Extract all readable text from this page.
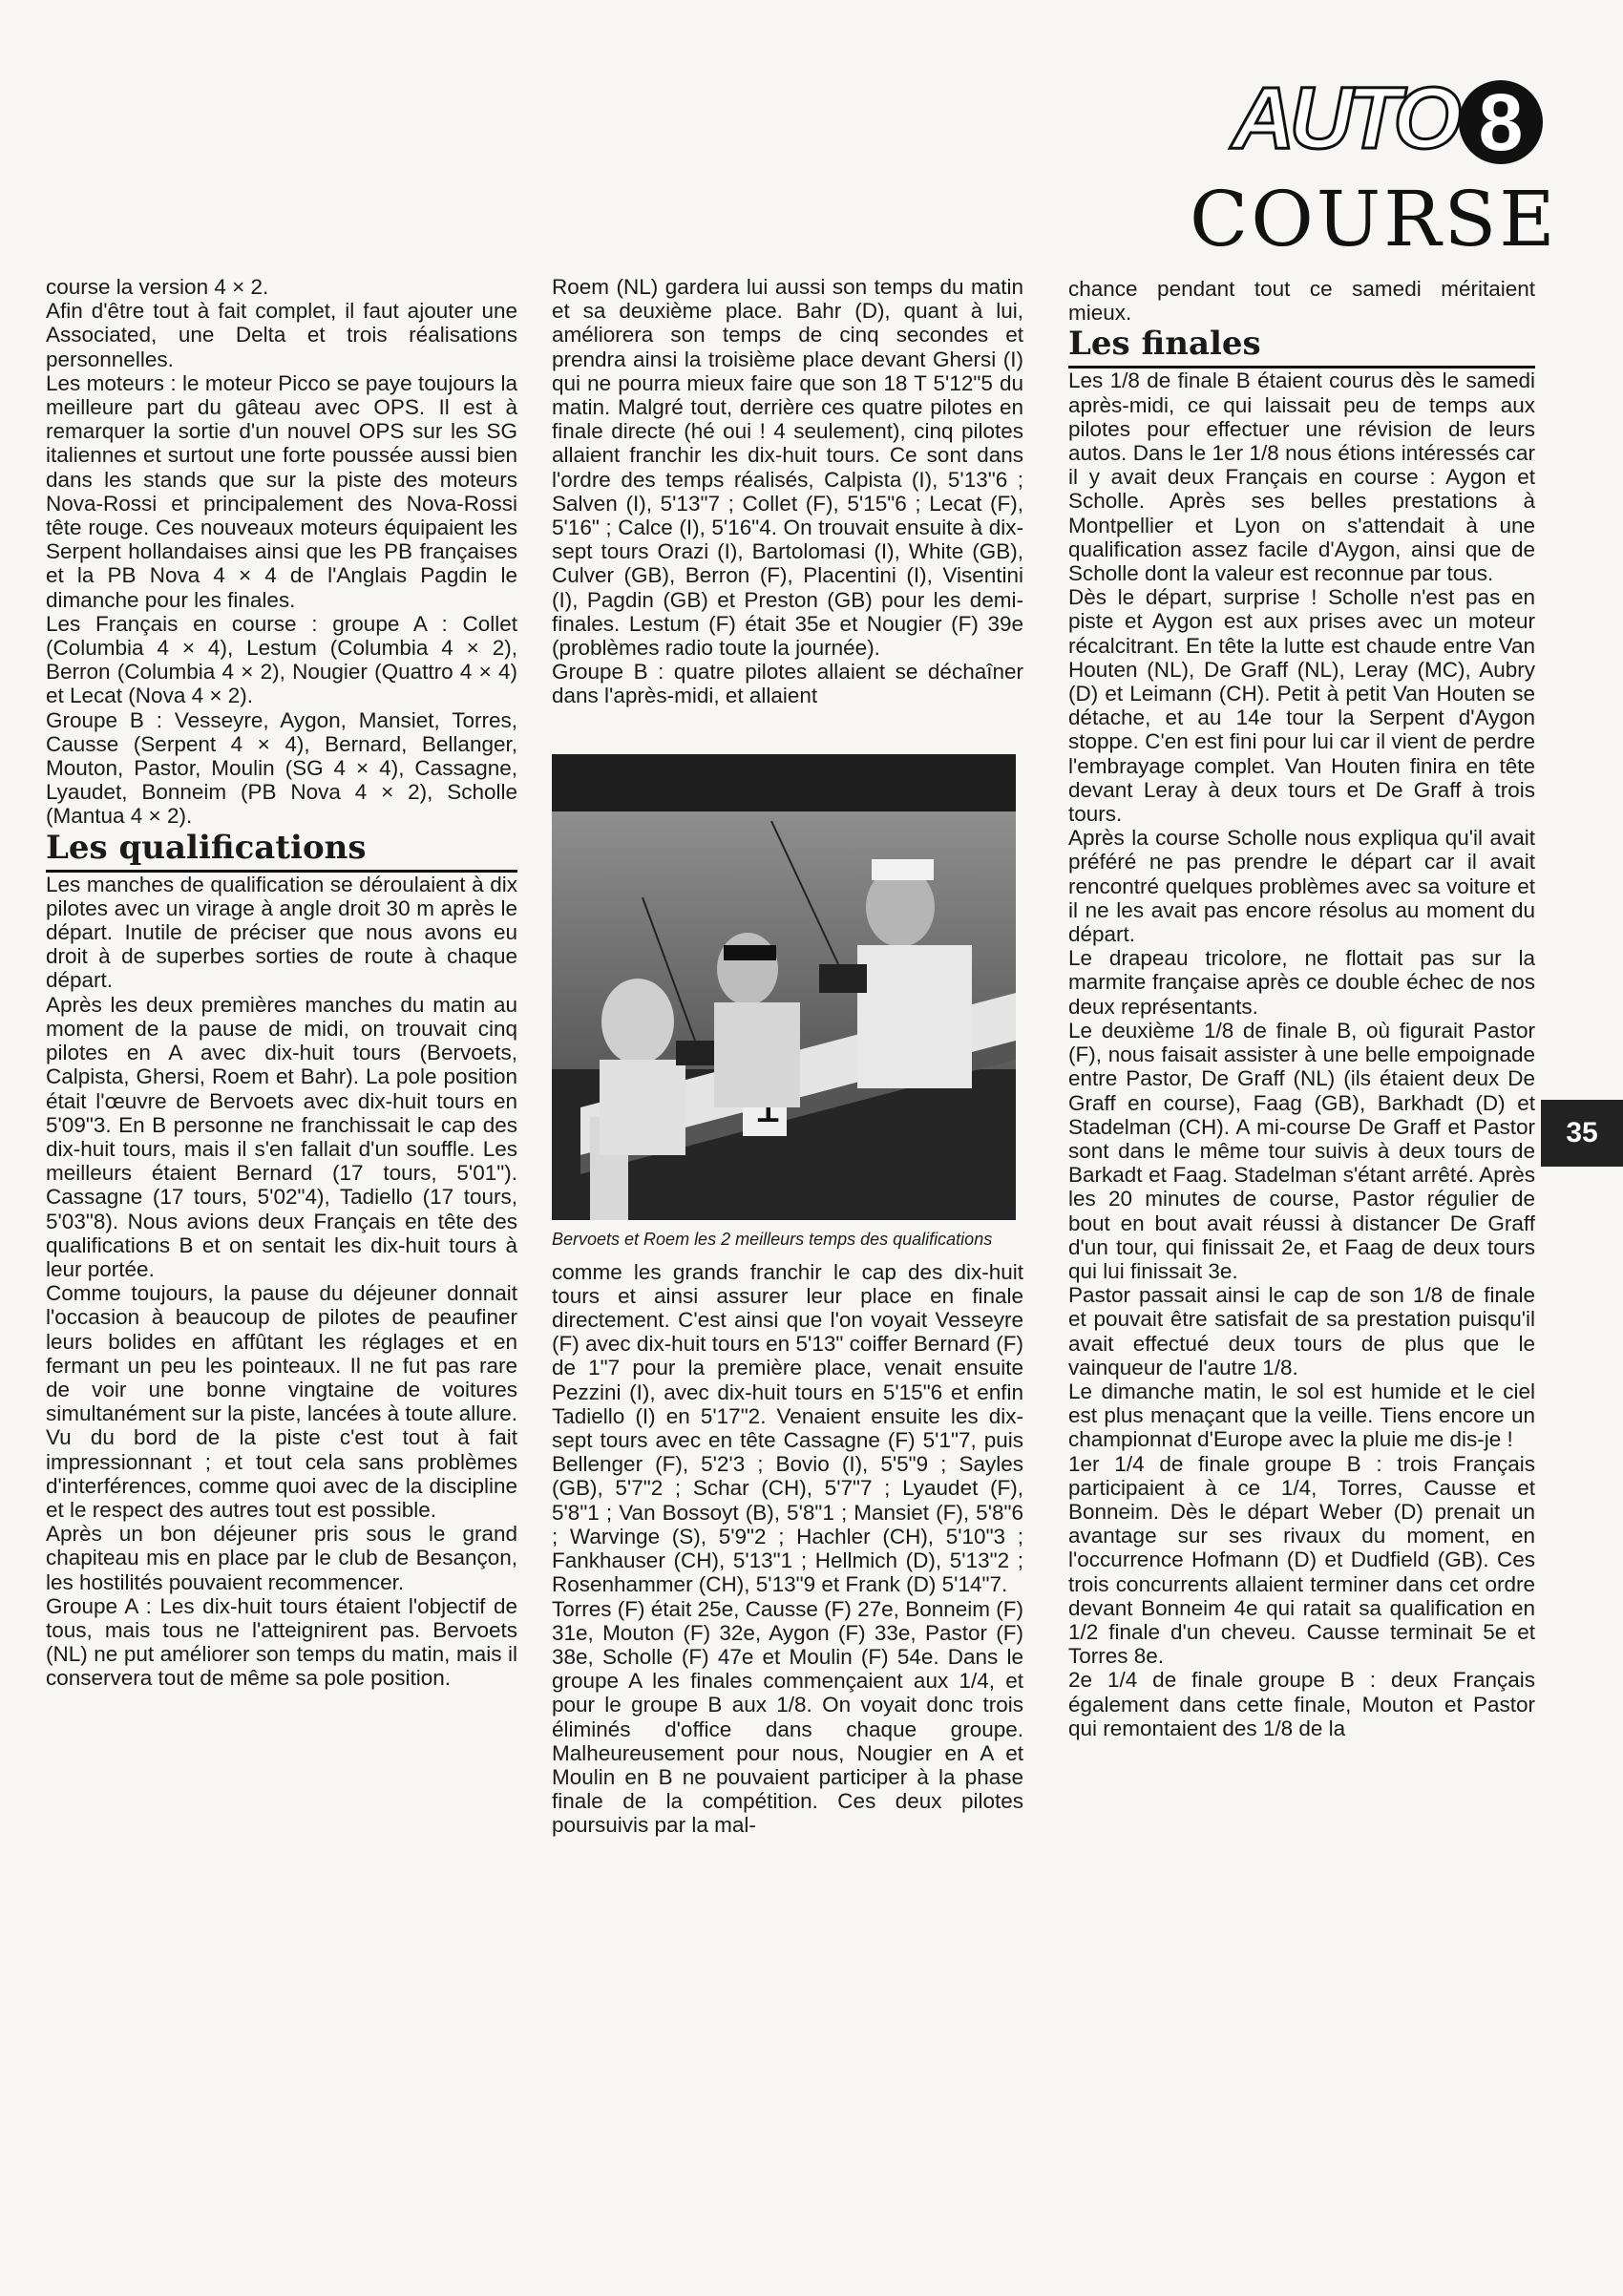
AUTO 8
COURSE

course la version 4 × 2.

Afin d'être tout à fait complet, il faut ajouter une Associated, une Delta et trois réalisations personnelles.

Les moteurs : le moteur Picco se paye toujours la meilleure part du gâteau avec OPS. Il est à remarquer la sortie d'un nouvel OPS sur les SG italiennes et surtout une forte poussée aussi bien dans les stands que sur la piste des moteurs Nova-Rossi et principalement des Nova-Rossi tête rouge. Ces nouveaux moteurs équipaient les Serpent hollandaises ainsi que les PB françaises et la PB Nova 4 × 4 de l'Anglais Pagdin le dimanche pour les finales.

Les Français en course : groupe A : Collet (Columbia 4 × 4), Lestum (Columbia 4 × 2), Berron (Columbia 4 × 2), Nougier (Quattro 4 × 4) et Lecat (Nova 4 × 2).

Groupe B : Vesseyre, Aygon, Mansiet, Torres, Causse (Serpent 4 × 4), Bernard, Bellanger, Mouton, Pastor, Moulin (SG 4 × 4), Cassagne, Lyaudet, Bonneim (PB Nova 4 × 2), Scholle (Mantua 4 × 2).

Les qualifications

Les manches de qualification se déroulaient à dix pilotes avec un virage à angle droit 30 m après le départ. Inutile de préciser que nous avons eu droit à de superbes sorties de route à chaque départ.

Après les deux premières manches du matin au moment de la pause de midi, on trouvait cinq pilotes en A avec dix-huit tours (Bervoets, Calpista, Ghersi, Roem et Bahr). La pole position était l'œuvre de Bervoets avec dix-huit tours en 5'09"3. En B personne ne franchissait le cap des dix-huit tours, mais il s'en fallait d'un souffle. Les meilleurs étaient Bernard (17 tours, 5'01"). Cassagne (17 tours, 5'02"4), Tadiello (17 tours, 5'03"8). Nous avions deux Français en tête des qualifications B et on sentait les dix-huit tours à leur portée.

Comme toujours, la pause du déjeuner donnait l'occasion à beaucoup de pilotes de peaufiner leurs bolides en affûtant les réglages et en fermant un peu les pointeaux. Il ne fut pas rare de voir une bonne vingtaine de voitures simultanément sur la piste, lancées à toute allure. Vu du bord de la piste c'est tout à fait impressionnant ; et tout cela sans problèmes d'interférences, comme quoi avec de la discipline et le respect des autres tout est possible.

Après un bon déjeuner pris sous le grand chapiteau mis en place par le club de Besançon, les hostilités pouvaient recommencer.

Groupe A : Les dix-huit tours étaient l'objectif de tous, mais tous ne l'atteignirent pas. Bervoets (NL) ne put améliorer son temps du matin, mais il conservera tout de même sa pole position.

Roem (NL) gardera lui aussi son temps du matin et sa deuxième place. Bahr (D), quant à lui, améliorera son temps de cinq secondes et prendra ainsi la troisième place devant Ghersi (I) qui ne pourra mieux faire que son 18 T 5'12"5 du matin. Malgré tout, derrière ces quatre pilotes en finale directe (hé oui ! 4 seulement), cinq pilotes allaient franchir les dix-huit tours. Ce sont dans l'ordre des temps réalisés, Calpista (I), 5'13"6 ; Salven (I), 5'13"7 ; Collet (F), 5'15"6 ; Lecat (F), 5'16" ; Calce (I), 5'16"4. On trouvait ensuite à dix-sept tours Orazi (I), Bartolomasi (I), White (GB), Culver (GB), Berron (F), Placentini (I), Visentini (I), Pagdin (GB) et Preston (GB) pour les demi-finales. Lestum (F) était 35e et Nougier (F) 39e (problèmes radio toute la journée).

Groupe B : quatre pilotes allaient se déchaîner dans l'après-midi, et allaient

Bervoets et Roem les 2 meilleurs temps des qualifications

comme les grands franchir le cap des dix-huit tours et ainsi assurer leur place en finale directement. C'est ainsi que l'on voyait Vesseyre (F) avec dix-huit tours en 5'13" coiffer Bernard (F) de 1"7 pour la première place, venait ensuite Pezzini (I), avec dix-huit tours en 5'15"6 et enfin Tadiello (I) en 5'17"2. Venaient ensuite les dix-sept tours avec en tête Cassagne (F) 5'1"7, puis Bellenger (F), 5'2'3 ; Bovio (I), 5'5"9 ; Sayles (GB), 5'7"2 ; Schar (CH), 5'7"7 ; Lyaudet (F), 5'8"1 ; Van Bossoyt (B), 5'8"1 ; Mansiet (F), 5'8"6 ; Warvinge (S), 5'9"2 ; Hachler (CH), 5'10"3 ; Fankhauser (CH), 5'13"1 ; Hellmich (D), 5'13"2 ; Rosenhammer (CH), 5'13"9 et Frank (D) 5'14"7.

Torres (F) était 25e, Causse (F) 27e, Bonneim (F) 31e, Mouton (F) 32e, Aygon (F) 33e, Pastor (F) 38e, Scholle (F) 47e et Moulin (F) 54e. Dans le groupe A les finales commençaient aux 1/4, et pour le groupe B aux 1/8. On voyait donc trois éliminés d'office dans chaque groupe. Malheureusement pour nous, Nougier en A et Moulin en B ne pouvaient participer à la phase finale de la compétition. Ces deux pilotes poursuivis par la mal-

chance pendant tout ce samedi méritaient mieux.

Les finales

Les 1/8 de finale B étaient courus dès le samedi après-midi, ce qui laissait peu de temps aux pilotes pour effectuer une révision de leurs autos. Dans le 1er 1/8 nous étions intéressés car il y avait deux Français en course : Aygon et Scholle. Après ses belles prestations à Montpellier et Lyon on s'attendait à une qualification assez facile d'Aygon, ainsi que de Scholle dont la valeur est reconnue par tous.

Dès le départ, surprise ! Scholle n'est pas en piste et Aygon est aux prises avec un moteur récalcitrant. En tête la lutte est chaude entre Van Houten (NL), De Graff (NL), Leray (MC), Aubry (D) et Leimann (CH). Petit à petit Van Houten se détache, et au 14e tour la Serpent d'Aygon stoppe. C'en est fini pour lui car il vient de perdre l'embrayage complet. Van Houten finira en tête devant Leray à deux tours et De Graff à trois tours.

Après la course Scholle nous expliqua qu'il avait préféré ne pas prendre le départ car il avait rencontré quelques problèmes avec sa voiture et il ne les avait pas encore résolus au moment du départ.

Le drapeau tricolore, ne flottait pas sur la marmite française après ce double échec de nos deux représentants.

Le deuxième 1/8 de finale B, où figurait Pastor (F), nous faisait assister à une belle empoignade entre Pastor, De Graff (NL) (ils étaient deux De Graff en course), Faag (GB), Barkhadt (D) et Stadelman (CH). A mi-course De Graff et Pastor sont dans le même tour suivis à deux tours de Barkadt et Faag. Stadelman s'étant arrêté. Après les 20 minutes de course, Pastor régulier de bout en bout avait réussi à distancer De Graff d'un tour, qui finissait 2e, et Faag de deux tours qui lui finissait 3e.

Pastor passait ainsi le cap de son 1/8 de finale et pouvait être satisfait de sa prestation puisqu'il avait effectué deux tours de plus que le vainqueur de l'autre 1/8.

Le dimanche matin, le sol est humide et le ciel est plus menaçant que la veille. Tiens encore un championnat d'Europe avec la pluie me dis-je !

1er 1/4 de finale groupe B : trois Français participaient à ce 1/4, Torres, Causse et Bonneim. Dès le départ Weber (D) prenait un avantage sur ses rivaux du moment, en l'occurrence Hofmann (D) et Dudfield (GB). Ces trois concurrents allaient terminer dans cet ordre devant Bonneim 4e qui ratait sa qualification en 1/2 finale d'un cheveu. Causse terminait 5e et Torres 8e.

2e 1/4 de finale groupe B : deux Français également dans cette finale, Mouton et Pastor qui remontaient des 1/8 de la

35
